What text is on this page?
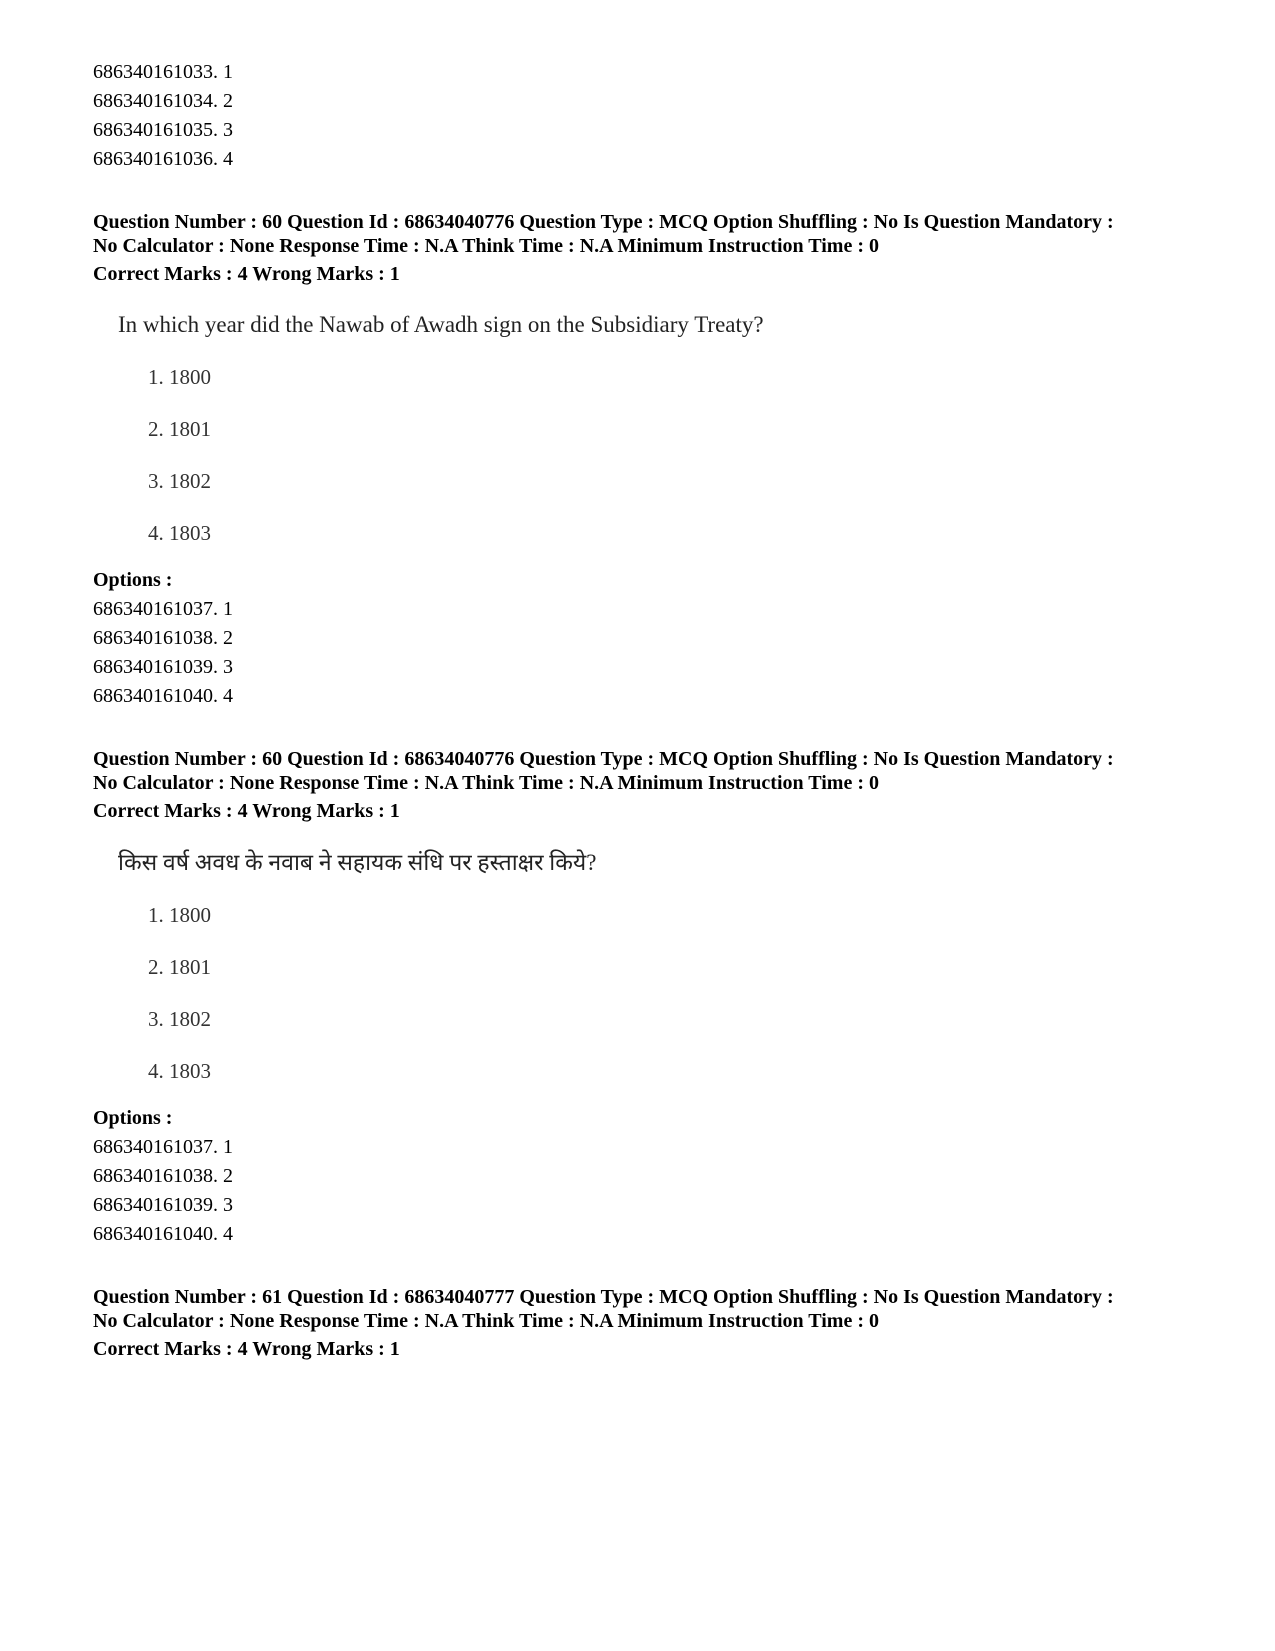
686340161033. 1
686340161034. 2
686340161035. 3
686340161036. 4
Question Number : 60 Question Id : 68634040776 Question Type : MCQ Option Shuffling : No Is Question Mandatory :
No Calculator : None Response Time : N.A Think Time : N.A Minimum Instruction Time : 0
Correct Marks : 4 Wrong Marks : 1
In which year did the Nawab of Awadh sign on the Subsidiary Treaty?
1. 1800
2. 1801
3. 1802
4. 1803
Options :
686340161037. 1
686340161038. 2
686340161039. 3
686340161040. 4
Question Number : 60 Question Id : 68634040776 Question Type : MCQ Option Shuffling : No Is Question Mandatory :
No Calculator : None Response Time : N.A Think Time : N.A Minimum Instruction Time : 0
Correct Marks : 4 Wrong Marks : 1
किस वर्ष अवध के नवाब ने सहायक संधि पर हस्ताक्षर किये?
1. 1800
2. 1801
3. 1802
4. 1803
Options :
686340161037. 1
686340161038. 2
686340161039. 3
686340161040. 4
Question Number : 61 Question Id : 68634040777 Question Type : MCQ Option Shuffling : No Is Question Mandatory :
No Calculator : None Response Time : N.A Think Time : N.A Minimum Instruction Time : 0
Correct Marks : 4 Wrong Marks : 1
